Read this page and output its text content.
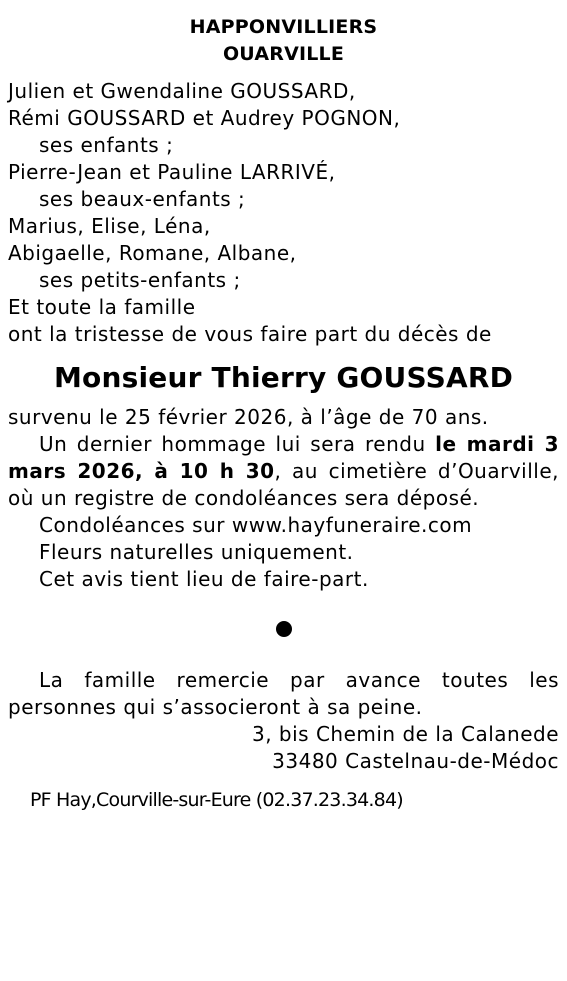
HAPPONVILLIERS
OUARVILLE
Julien et Gwendaline GOUSSARD,
Rémi GOUSSARD et Audrey POGNON,
ses enfants ;
Pierre-Jean et Pauline LARRIVÉ,
ses beaux-enfants ;
Marius, Elise, Léna,
Abigaelle, Romane, Albane,
ses petits-enfants ;
Et toute la famille
ont la tristesse de vous faire part du décès de
Monsieur Thierry GOUSSARD
survenu le 25 février 2026, à l’âge de 70 ans.
Un dernier hommage lui sera rendu le mardi 3 mars 2026, à 10 h 30, au cimetière d’Ouarville, où un registre de condoléances sera déposé.
Condoléances sur www.hayfuneraire.com
Fleurs naturelles uniquement.
Cet avis tient lieu de faire-part.
La famille remercie par avance toutes les personnes qui s’associeront à sa peine.
3, bis Chemin de la Calanede
33480 Castelnau-de-Médoc
PF Hay,Courville-sur-Eure (02.37.23.34.84)
